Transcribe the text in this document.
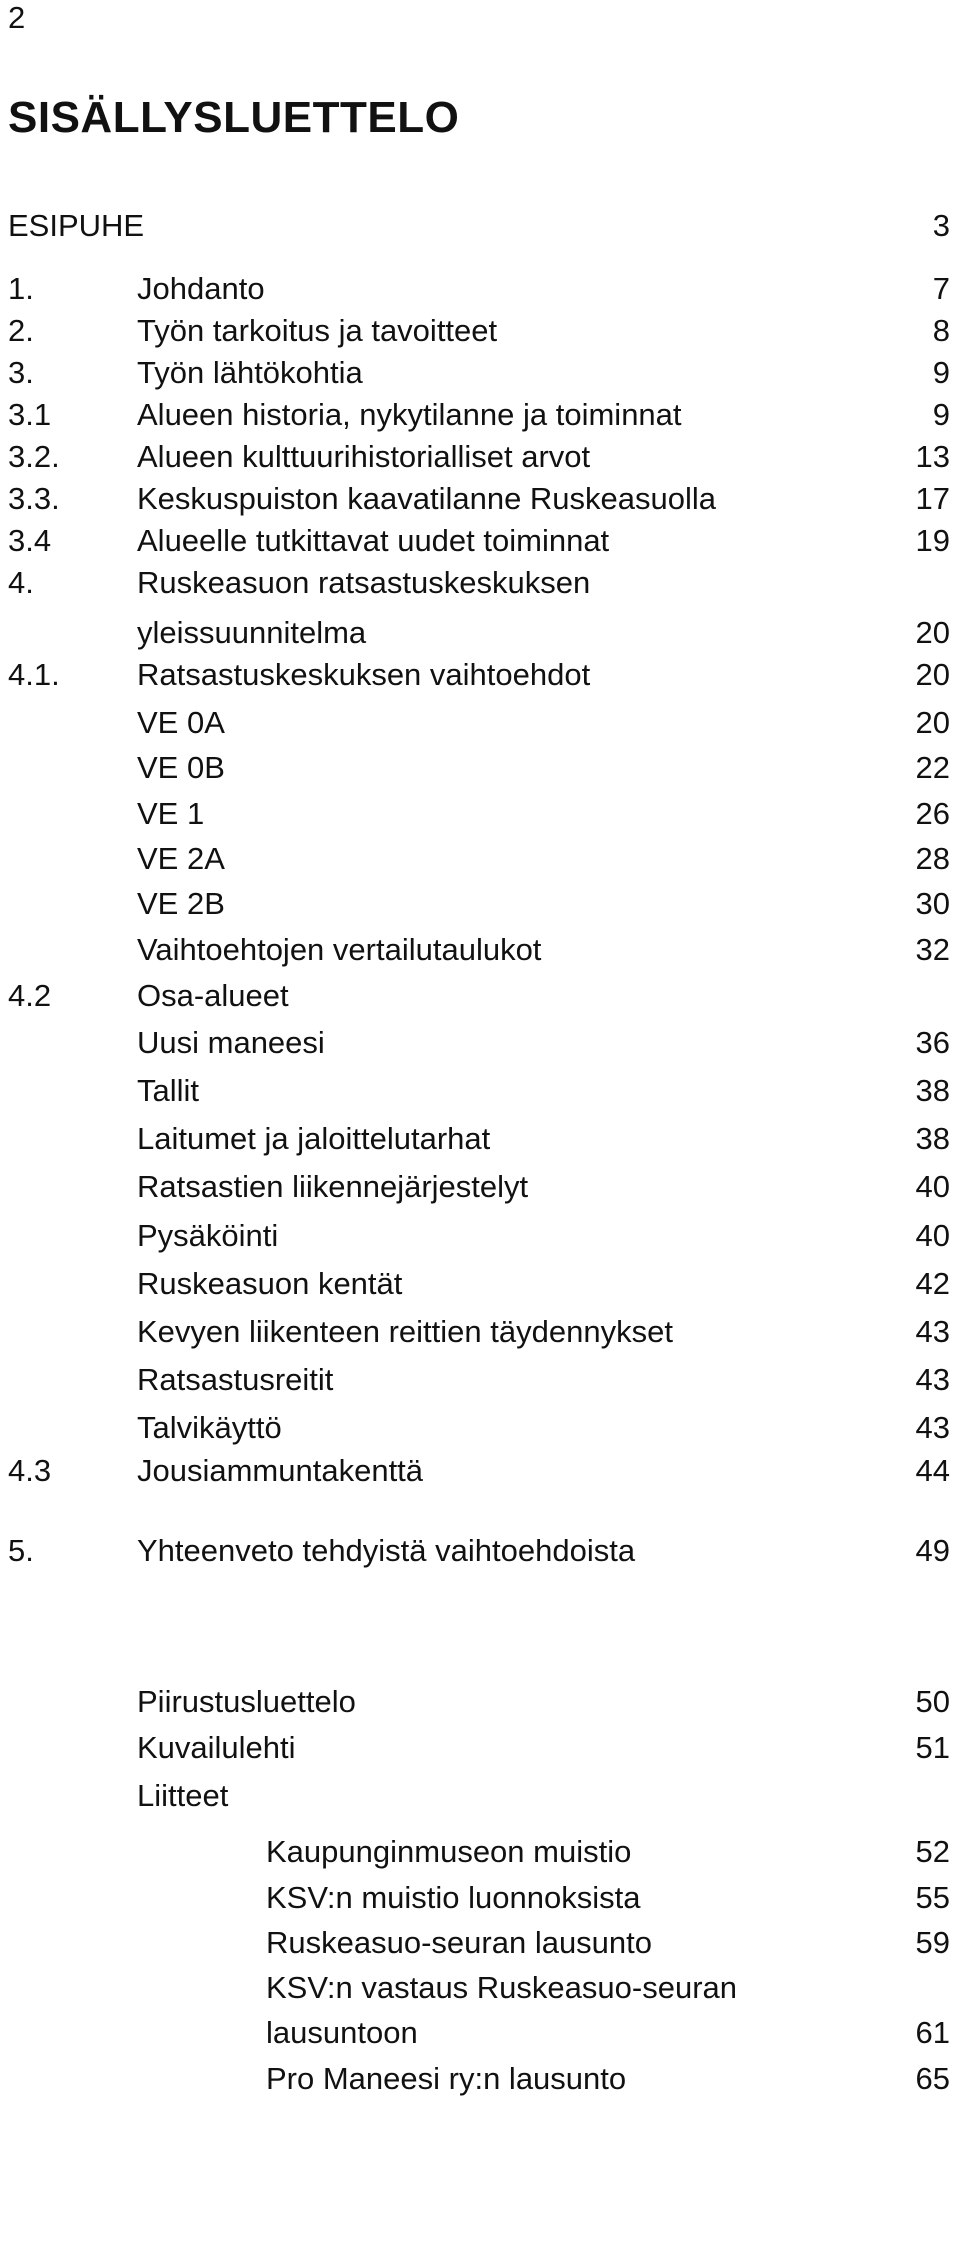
2
SISÄLLYSLUETTELO
ESIPUHE	3
1.	Johdanto	7
2.	Työn tarkoitus ja tavoitteet	8
3.	Työn lähtökohtia	9
3.1	Alueen historia, nykytilanne ja toiminnat	9
3.2. Alueen kulttuurihistorialliset arvot	13
3.3. Keskuspuiston kaavatilanne Ruskeasuolla	17
3.4	Alueelle tutkittavat uudet toiminnat	19
4.	Ruskeasuon ratsastuskeskuksen
yleissuunnitelma	20
4.1. Ratsastuskeskuksen vaihtoehdot	20
VE 0A	20
VE 0B	22
VE 1	26
VE 2A	28
VE 2B	30
Vaihtoehtojen vertailutaulukot	32
4.2	Osa-alueet
Uusi maneesi	36
Tallit	38
Laitumet ja jaloittelutarhat	38
Ratsastien liikennejärjestelyt	40
Pysäköinti	40
Ruskeasuon kentät	42
Kevyen liikenteen reittien täydennykset	43
Ratsastusreitit	43
Talvikäyttö	43
4.3	Jousiammuntakenttä	44
5.	Yhteenveto tehdyistä vaihtoehdoista	49
Piirustusluettelo	50
Kuvailulehti	51
Liitteet
Kaupunginmuseon muistio	52
KSV:n muistio luonnoksista	55
Ruskeasuo-seuran lausunto	59
KSV:n vastaus Ruskeasuo-seuran
lausuntoon	61
Pro Maneesi ry:n lausunto	65
